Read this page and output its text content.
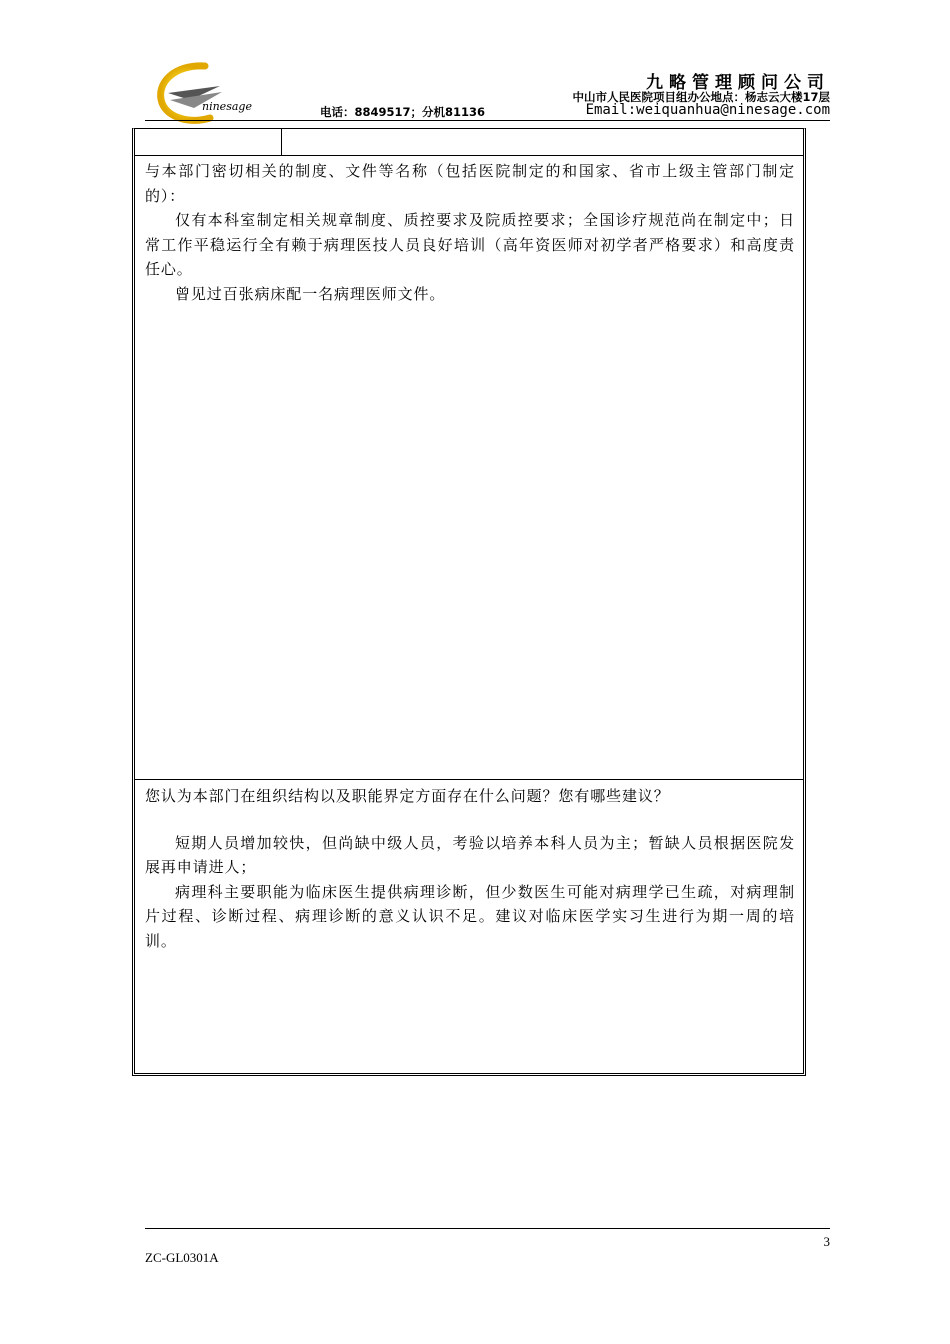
ninesage
九略管理顾问公司
中山市人民医院项目组办公地点：杨志云大楼17层
电话：8849517；分机81136	Email:weiquanhua@ninesage.com

与本部门密切相关的制度、文件等名称（包括医院制定的和国家、省市上级主管部门制定的）：

仅有本科室制定相关规章制度、质控要求及院质控要求；全国诊疗规范尚在制定中；日常工作平稳运行全有赖于病理医技人员良好培训（高年资医师对初学者严格要求）和高度责任心。

曾见过百张病床配一名病理医师文件。

您认为本部门在组织结构以及职能界定方面存在什么问题？您有哪些建议？

短期人员增加较快，但尚缺中级人员，考验以培养本科人员为主；暂缺人员根据医院发展再申请进人；

病理科主要职能为临床医生提供病理诊断，但少数医生可能对病理学已生疏，对病理制片过程、诊断过程、病理诊断的意义认识不足。建议对临床医学实习生进行为期一周的培训。

3
ZC-GL0301A
